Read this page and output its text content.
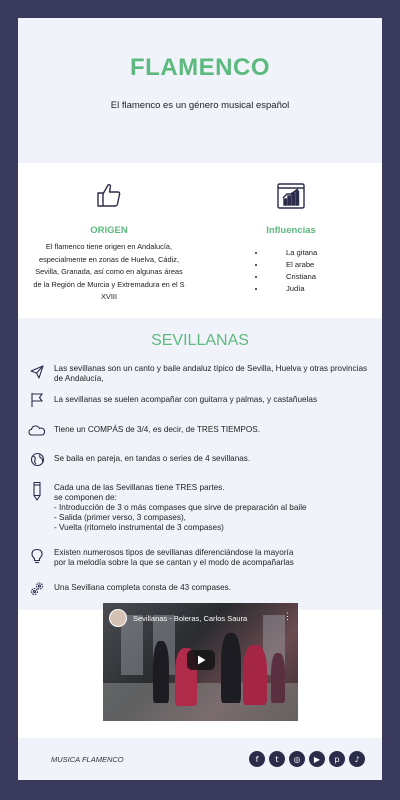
FLAMENCO
El flamenco es un género musical español
ORIGEN
El flamenco tiene origen en Andalucía, especialmente en zonas de Huelva, Cádiz, Sevilla, Granada, así como en algunas áreas de la Región de Murcia y Extremadura en el S XVIII
Influencias
• La gitana
• El arabe
• Cristiana
• Judía
SEVILLANAS
Las sevillanas son un canto y baile andaluz típico de Sevilla, Huelva y otras provincias de Andalucía,
La sevillanas se suelen acompañar con guitarra y palmas, y castañuelas
Tiene un COMPÁS de 3/4, es decir, de TRES TIEMPOS.
Se baila en pareja, en tandas o series de 4 sevillanas.
Cada una de las Sevillanas tiene TRES partes.
se componen de:
- Introducción de 3 o más compases que sirve de preparación al baile
- Salida (primer verso, 3 compases),
- Vuelta (ritornelo instrumental de 3 compases)
Existen numerosos tipos de sevillanas diferenciándose la mayoría
por la melodía sobre la que se cantan y el modo de acompañarlas
Una Sevillana completa consta de 43 compases.
Sevillanas - Boleras, Carlos Saura	⋮
MUSICA FLAMENCO	f	t	◎	▶	p	♪
